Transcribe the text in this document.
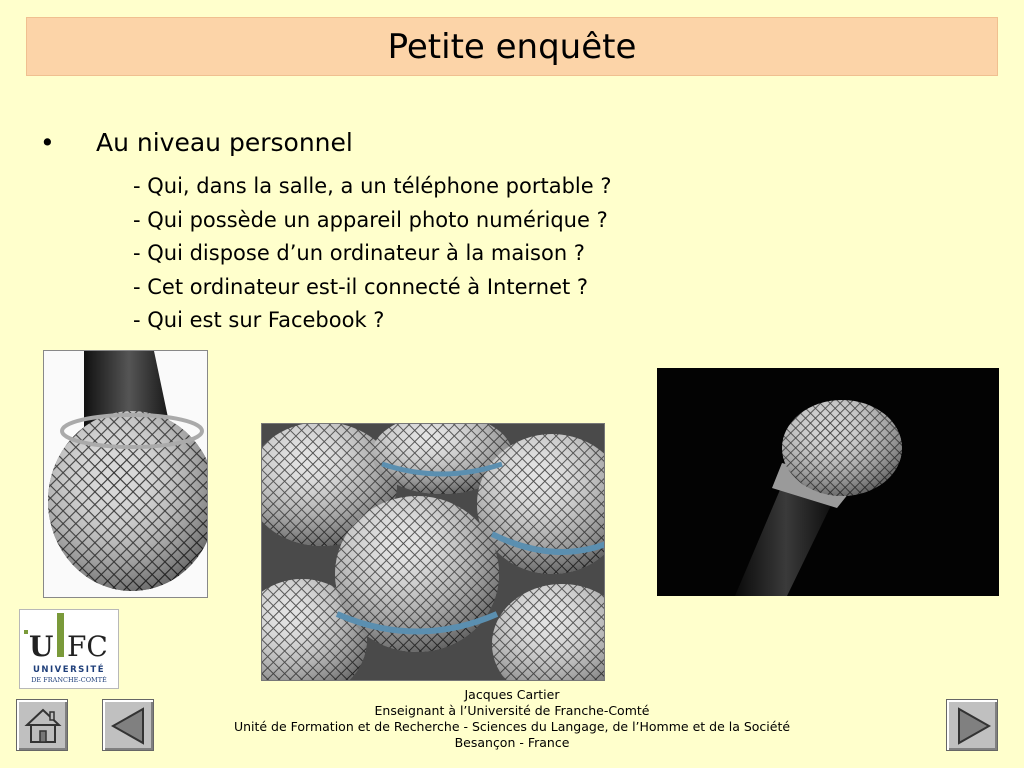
Petite enquête
•	Au niveau personnel
- Qui, dans la salle, a un téléphone portable ?
- Qui possède un appareil photo numérique ?
- Qui dispose d’un ordinateur à la maison ?
- Cet ordinateur est-il connecté à Internet ?
- Qui est sur Facebook ?
U FC
UNIVERSITÉ
DE FRANCHE-COMTÉ
Jacques Cartier
Enseignant à l’Université de Franche-Comté
Unité de Formation et de Recherche - Sciences du Langage, de l’Homme et de la Société
Besançon - France
